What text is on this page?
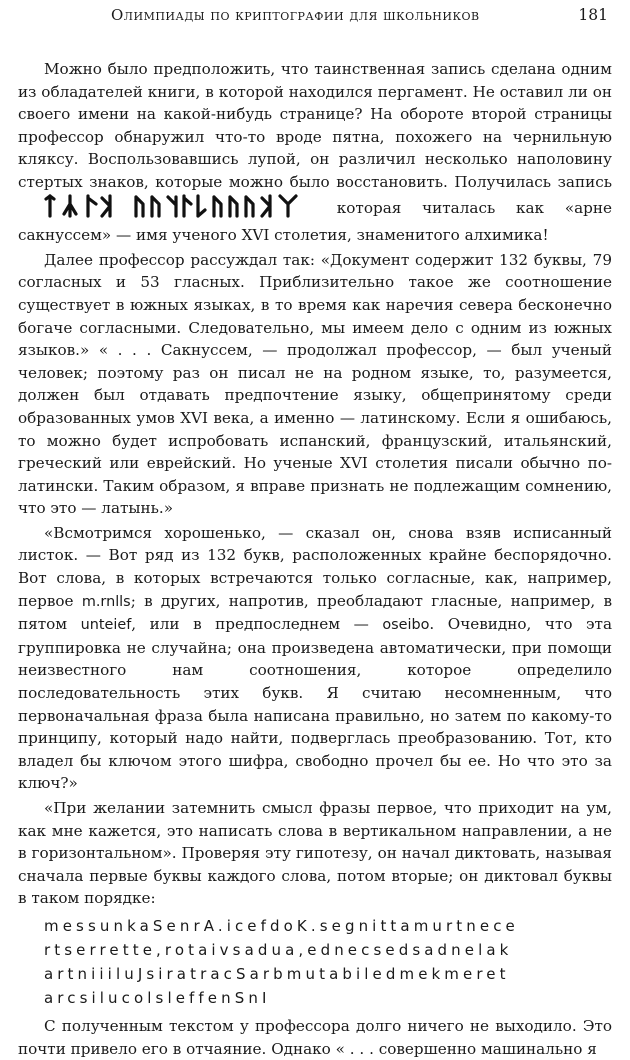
Олимпиады по криптографии для школьников	181

Можно было предположить, что таинственная запись сделана одним из обладателей книги, в которой находился пергамент. Не оставил ли он своего имени на какой-нибудь странице? На обороте второй страницы профессор обнаружил что-то вроде пятна, похожего на чернильную кляксу. Воспользовавшись лупой, он различил несколько наполовину стертых знаков, которые можно было восстановить. Получилась запись  которая читалась как «арне сакнуссем» — имя ученого XVI столетия, знаменитого алхимика!

Далее профессор рассуждал так: «Документ содержит 132 буквы, 79 согласных и 53 гласных. Приблизительно такое же соотношение существует в южных языках, в то время как наречия севера бесконечно богаче согласными. Следовательно, мы имеем дело с одним из южных языков.» « . . . Сакнуссем, — продолжал профессор, — был ученый человек; поэтому раз он писал не на родном языке, то, разумеется, должен был отдавать предпочтение языку, общепринятому среди образованных умов XVI века, а именно — латинскому. Если я ошибаюсь, то можно будет испробовать испанский, французский, итальянский, греческий или еврейский. Но ученые XVI столетия писали обычно по-латински. Таким образом, я вправе признать не подлежащим сомнению, что это — латынь.»

«Всмотримся хорошенько, — сказал он, снова взяв исписанный листок. — Вот ряд из 132 букв, расположенных крайне беспорядочно. Вот слова, в которых встречаются только согласные, как, например, первое m.rnlls; в других, напротив, преобладают гласные, например, в пятом unteief, или в предпоследнем — oseibo. Очевидно, что эта группировка не случайна; она произведена автоматически, при помощи неизвестного нам соотношения, которое определило последовательность этих букв. Я считаю несомненным, что первоначальная фраза была написана правильно, но затем по какому-то принципу, который надо найти, подверглась преобразованию. Тот, кто владел бы ключом этого шифра, свободно прочел бы ее. Но что это за ключ?»

«При желании затемнить смысл фразы первое, что приходит на ум, как мне кажется, это написать слова в вертикальном направлении, а не в горизонтальном». Проверяя эту гипотезу, он начал диктовать, называя сначала первые буквы каждого слова, потом вторые; он диктовал буквы в таком порядке:

messunkaSenrA.icefdoK.segnittamurtnece
rtserrette,rotaivsadua,ednecsedsadnelak
artniiiluJsiratracSarbmutabiledmekmeret
arcsilucolsleffenSnI

С полученным текстом у профессора долго ничего не выходило. Это почти привело его в отчаяние. Однако « . . . совершенно машинально я
